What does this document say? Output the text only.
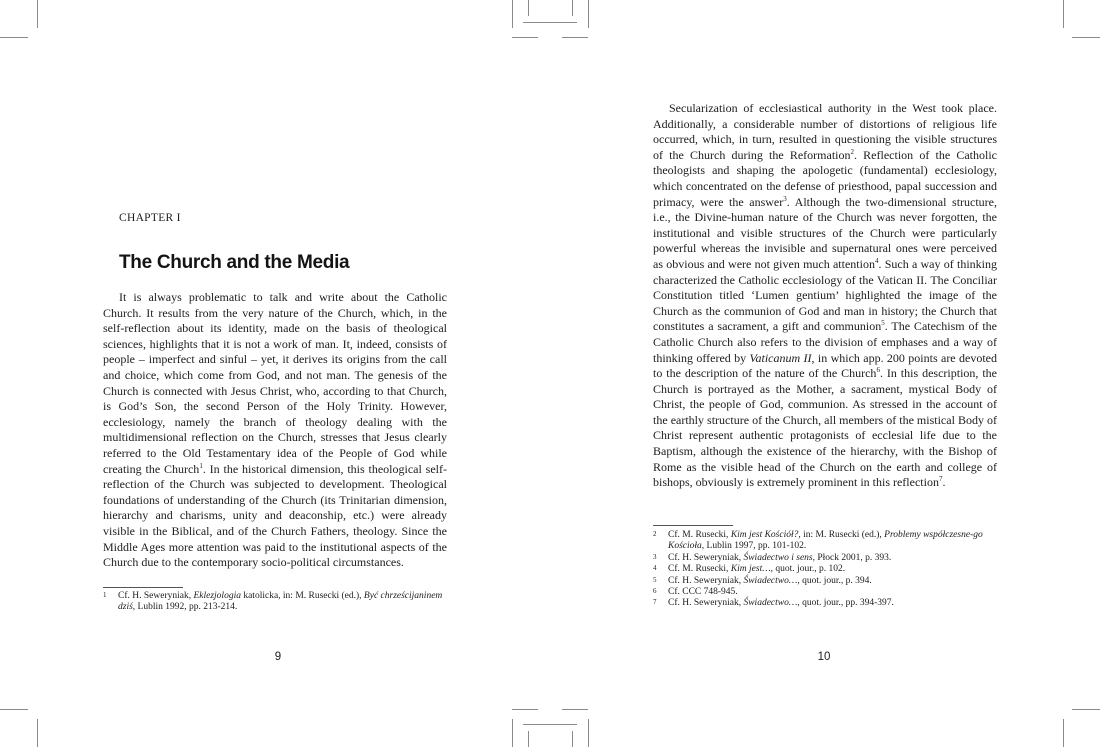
CHAPTER I
The Church and the Media

It is always problematic to talk and write about the Catholic Church. It results from the very nature of the Church, which, in the self-reflection about its identity, made on the basis of theological sciences, highlights that it is not a work of man. It, indeed, consists of people – imperfect and sinful – yet, it derives its origins from the call and choice, which come from God, and not man. The genesis of the Church is connected with Jesus Christ, who, according to that Church, is God’s Son, the second Person of the Holy Trinity. However, ecclesiology, namely the branch of theology dealing with the multidimensional reflection on the Church, stresses that Jesus clearly referred to the Old Testamentary idea of the People of God while creating the Church$^1$. In the historical dimension, this theological self-reflection of the Church was subjected to development. Theological foundations of understanding of the Church (its Trinitarian dimension, hierarchy and charisms, unity and deaconship, etc.) were already visible in the Biblical, and of the Church Fathers, theology. Since the Middle Ages more attention was paid to the institutional aspects of the Church due to the contemporary socio-political circumstances.

1 Cf. H. Seweryniak, Eklezjologia katolicka, in: M. Rusecki (ed.), Być chrześcijaninem dziś, Lublin 1992, pp. 213-214.
9

Secularization of ecclesiastical authority in the West took place. Additionally, a considerable number of distortions of religious life occurred, which, in turn, resulted in questioning the visible structures of the Church during the Reformation$^2$. Reflection of the Catholic theologists and shaping the apologetic (fundamental) ecclesiology, which concentrated on the defense of priesthood, papal succession and primacy, were the answer$^3$. Although the two-dimensional structure, i.e., the Divine-human nature of the Church was never forgotten, the institutional and visible structures of the Church were particularly powerful whereas the invisible and supernatural ones were perceived as obvious and were not given much attention$^4$. Such a way of thinking characterized the Catholic ecclesiology of the Vatican II. The Conciliar Constitution titled ‘Lumen gentium’ highlighted the image of the Church as the communion of God and man in history; the Church that constitutes a sacrament, a gift and communion$^5$. The Catechism of the Catholic Church also refers to the division of emphases and a way of thinking offered by Vaticanum II, in which app. 200 points are devoted to the description of the nature of the Church$^6$. In this description, the Church is portrayed as the Mother, a sacrament, mystical Body of Christ, the people of God, communion. As stressed in the account of the earthly structure of the Church, all members of the mistical Body of Christ represent authentic protagonists of ecclesial life due to the Baptism, although the existence of the hierarchy, with the Bishop of Rome as the visible head of the Church on the earth and college of bishops, obviously is extremely prominent in this reflection$^7$.

2 Cf. M. Rusecki, Kim jest Kościół?, in: M. Rusecki (ed.), Problemy współczesne-go Kościoła, Lublin 1997, pp. 101-102.
3 Cf. H. Seweryniak, Świadectwo i sens, Płock 2001, p. 393.
4 Cf. M. Rusecki, Kim jest…, quot. jour., p. 102.
5 Cf. H. Seweryniak, Świadectwo…, quot. jour., p. 394.
6 Cf. CCC 748-945.
7 Cf. H. Seweryniak, Świadectwo…, quot. jour., pp. 394-397.
10
